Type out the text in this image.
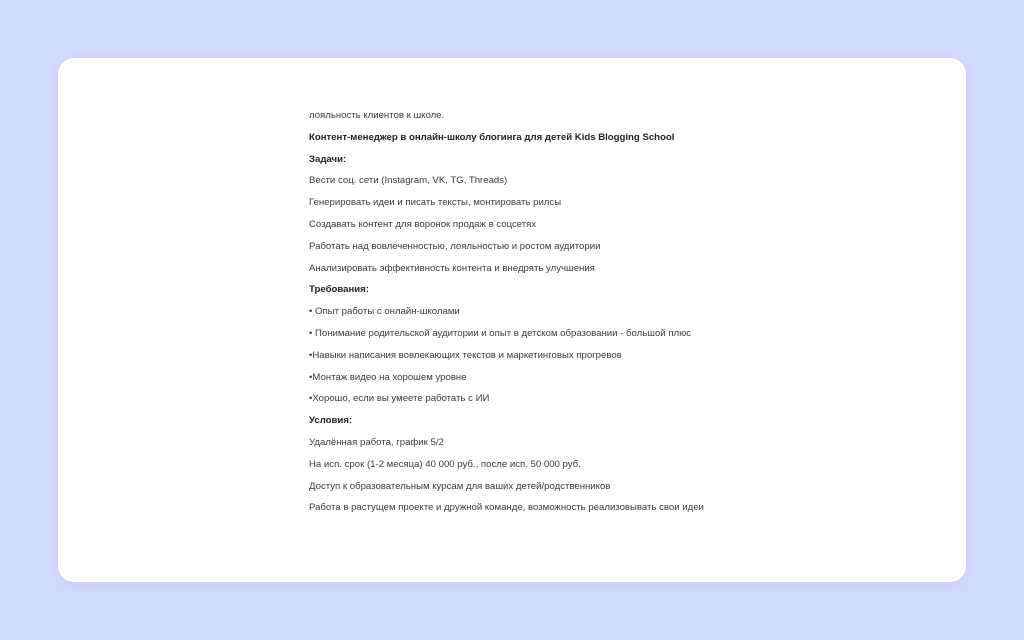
лояльность клиентов к школе.
Контент-менеджер в онлайн-школу блогинга для детей Kids Blogging School
Задачи:
Вести соц. сети (Instagram, VK, TG, Threads)
Генерировать идеи и писать тексты, монтировать рилсы
Создавать контент для воронок продаж в соцсетях
Работать над вовлеченностью, лояльностью и ростом аудитории
Анализировать эффективность контента и внедрять улучшения
Требования:
• Опыт работы с онлайн-школами
• Понимание родительской аудитории и опыт в детском образовании - большой плюс
•Навыки написания вовлекающих текстов и маркетинговых прогревов
•Монтаж видео на хорошем уровне
•Хорошо, если вы умеете работать с ИИ
Условия:
Удалённая работа, график 5/2
На исп. срок (1-2 месяца) 40 000 руб., после исп. 50 000 руб.
Доступ к образовательным курсам для ваших детей/родственников
Работа в растущем проекте и дружной команде, возможность реализовывать свои идеи
